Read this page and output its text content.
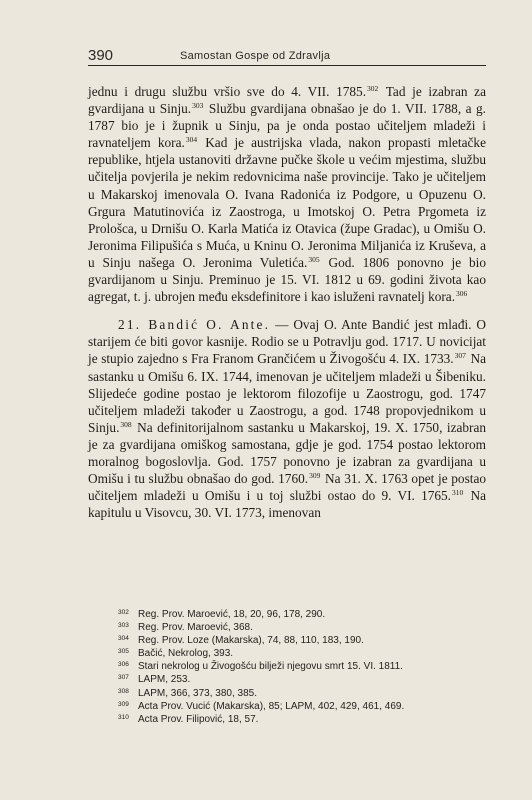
390	Samostan Gospe od Zdravlja

jednu i drugu službu vršio sve do 4. VII. 1785.$^{302}$ Tad je izabran za gvardijana u Sinju.$^{303}$ Službu gvardijana obnašao je do 1. VII. 1788, a g. 1787 bio je i župnik u Sinju, pa je onda postao učiteljem mladeži i ravnateljem kora.$^{304}$ Kad je austrijska vlada, nakon propasti mletačke republike, htjela ustanoviti državne pučke škole u većim mjestima, službu učitelja povjerila je nekim redovnicima naše provincije. Tako je učiteljem u Makarskoj imenovala O. Ivana Radonića iz Podgore, u Opuzenu O. Grgura Matutinovića iz Zaostroga, u Imotskoj O. Petra Prgometa iz Prološca, u Drnišu O. Karla Matića iz Otavica (župe Gradac), u Omišu O. Jeronima Filipušića s Muća, u Kninu O. Jeronima Miljanića iz Kruševa, a u Sinju našega O. Jeronima Vuletića.$^{305}$ God. 1806 ponovno je bio gvardijanom u Sinju. Preminuo je 15. VI. 1812 u 69. godini života kao agregat, t. j. ubrojen među eksdefinitore i kao isluženi ravnatelj kora.$^{306}$

21. Bandić O. Ante. — Ovaj O. Ante Bandić jest mlađi. O starijem će biti govor kasnije. Rodio se u Potravlju god. 1717. U novicijat je stupio zajedno s Fra Franom Grančićem u Živogošću 4. IX. 1733.$^{307}$ Na sastanku u Omišu 6. IX. 1744, imenovan je učiteljem mladeži u Šibeniku. Slijedeće godine postao je lektorom filozofije u Zaostrogu, god. 1747 učiteljem mladeži također u Zaostrogu, a god. 1748 propovjednikom u Sinju.$^{308}$ Na definitorijalnom sastanku u Makarskoj, 19. X. 1750, izabran je za gvardijana omiškog samostana, gdje je god. 1754 postao lektorom moralnog bogoslovlja. God. 1757 ponovno je izabran za gvardijana u Omišu i tu službu obnašao do god. 1760.$^{309}$ Na 31. X. 1763 opet je postao učiteljem mladeži u Omišu i u toj službi ostao do 9. VI. 1765.$^{310}$ Na kapitulu u Visovcu, 30. VI. 1773, imenovan

302 Reg. Prov. Maroević, 18, 20, 96, 178, 290.
303 Reg. Prov. Maroević, 368.
304 Reg. Prov. Loze (Makarska), 74, 88, 110, 183, 190.
305 Bačić, Nekrolog, 393.
306 Stari nekrolog u Živogošću bilježi njegovu smrt 15. VI. 1811.
307 LAPM, 253.
308 LAPM, 366, 373, 380, 385.
309 Acta Prov. Vucić (Makarska), 85; LAPM, 402, 429, 461, 469.
310 Acta Prov. Filipović, 18, 57.
